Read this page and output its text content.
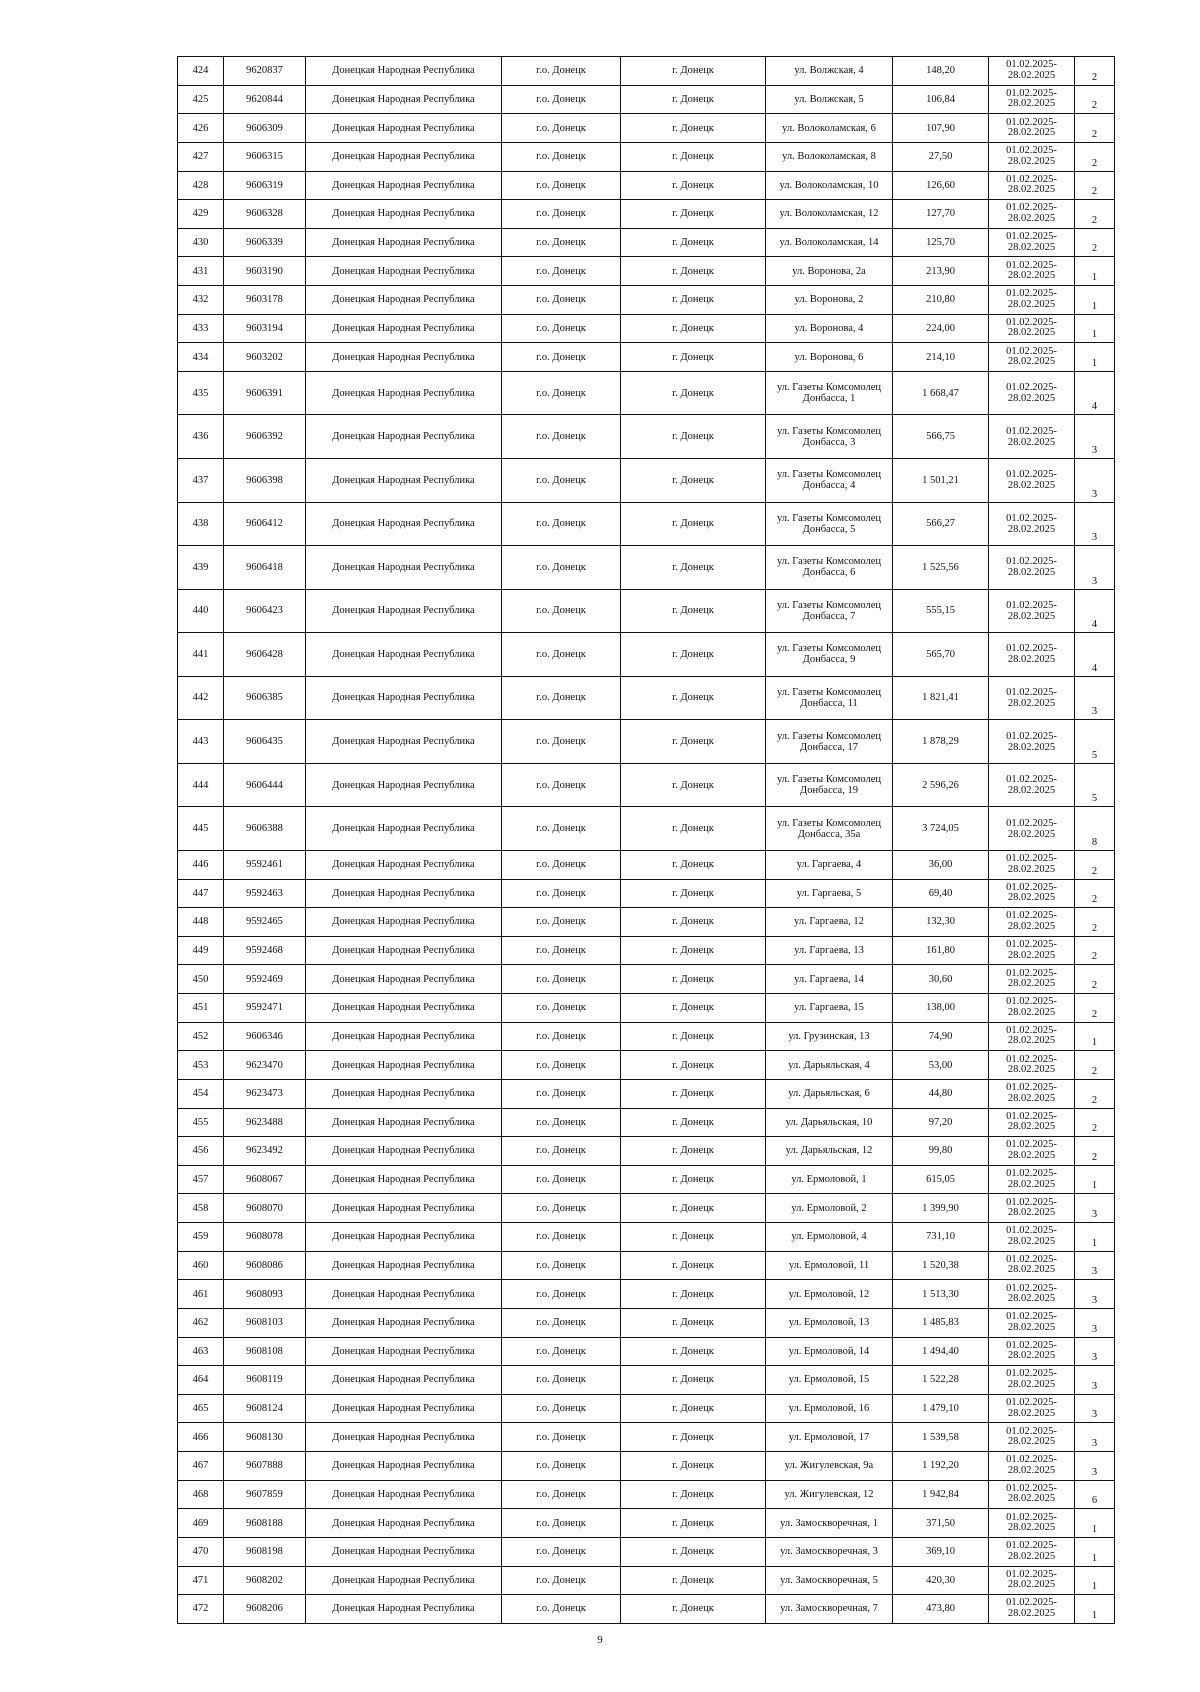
424	9620837	Донецкая Народная Республика	г.о. Донецк	г. Донецк	ул. Волжская, 4	148,20	01.02.2025-28.02.2025	2
425	9620844	Донецкая Народная Республика	г.о. Донецк	г. Донецк	ул. Волжская, 5	106,84	01.02.2025-28.02.2025	2
426	9606309	Донецкая Народная Республика	г.о. Донецк	г. Донецк	ул. Волоколамская, 6	107,90	01.02.2025-28.02.2025	2
427	9606315	Донецкая Народная Республика	г.о. Донецк	г. Донецк	ул. Волоколамская, 8	27,50	01.02.2025-28.02.2025	2
428	9606319	Донецкая Народная Республика	г.о. Донецк	г. Донецк	ул. Волоколамская, 10	126,60	01.02.2025-28.02.2025	2
429	9606328	Донецкая Народная Республика	г.о. Донецк	г. Донецк	ул. Волоколамская, 12	127,70	01.02.2025-28.02.2025	2
430	9606339	Донецкая Народная Республика	г.о. Донецк	г. Донецк	ул. Волоколамская, 14	125,70	01.02.2025-28.02.2025	2
431	9603190	Донецкая Народная Республика	г.о. Донецк	г. Донецк	ул. Воронова, 2а	213,90	01.02.2025-28.02.2025	1
432	9603178	Донецкая Народная Республика	г.о. Донецк	г. Донецк	ул. Воронова, 2	210,80	01.02.2025-28.02.2025	1
433	9603194	Донецкая Народная Республика	г.о. Донецк	г. Донецк	ул. Воронова, 4	224,00	01.02.2025-28.02.2025	1
434	9603202	Донецкая Народная Республика	г.о. Донецк	г. Донецк	ул. Воронова, 6	214,10	01.02.2025-28.02.2025	1
435	9606391	Донецкая Народная Республика	г.о. Донецк	г. Донецк	ул. Газеты Комсомолец Донбасса, 1	1 668,47	01.02.2025-28.02.2025	4
436	9606392	Донецкая Народная Республика	г.о. Донецк	г. Донецк	ул. Газеты Комсомолец Донбасса, 3	566,75	01.02.2025-28.02.2025	3
437	9606398	Донецкая Народная Республика	г.о. Донецк	г. Донецк	ул. Газеты Комсомолец Донбасса, 4	1 501,21	01.02.2025-28.02.2025	3
438	9606412	Донецкая Народная Республика	г.о. Донецк	г. Донецк	ул. Газеты Комсомолец Донбасса, 5	566,27	01.02.2025-28.02.2025	3
439	9606418	Донецкая Народная Республика	г.о. Донецк	г. Донецк	ул. Газеты Комсомолец Донбасса, 6	1 525,56	01.02.2025-28.02.2025	3
440	9606423	Донецкая Народная Республика	г.о. Донецк	г. Донецк	ул. Газеты Комсомолец Донбасса, 7	555,15	01.02.2025-28.02.2025	4
441	9606428	Донецкая Народная Республика	г.о. Донецк	г. Донецк	ул. Газеты Комсомолец Донбасса, 9	565,70	01.02.2025-28.02.2025	4
442	9606385	Донецкая Народная Республика	г.о. Донецк	г. Донецк	ул. Газеты Комсомолец Донбасса, 11	1 821,41	01.02.2025-28.02.2025	3
443	9606435	Донецкая Народная Республика	г.о. Донецк	г. Донецк	ул. Газеты Комсомолец Донбасса, 17	1 878,29	01.02.2025-28.02.2025	5
444	9606444	Донецкая Народная Республика	г.о. Донецк	г. Донецк	ул. Газеты Комсомолец Донбасса, 19	2 596,26	01.02.2025-28.02.2025	5
445	9606388	Донецкая Народная Республика	г.о. Донецк	г. Донецк	ул. Газеты Комсомолец Донбасса, 35а	3 724,05	01.02.2025-28.02.2025	8
446	9592461	Донецкая Народная Республика	г.о. Донецк	г. Донецк	ул. Гаргаева, 4	36,00	01.02.2025-28.02.2025	2
447	9592463	Донецкая Народная Республика	г.о. Донецк	г. Донецк	ул. Гаргаева, 5	69,40	01.02.2025-28.02.2025	2
448	9592465	Донецкая Народная Республика	г.о. Донецк	г. Донецк	ул. Гаргаева, 12	132,30	01.02.2025-28.02.2025	2
449	9592468	Донецкая Народная Республика	г.о. Донецк	г. Донецк	ул. Гаргаева, 13	161,80	01.02.2025-28.02.2025	2
450	9592469	Донецкая Народная Республика	г.о. Донецк	г. Донецк	ул. Гаргаева, 14	30,60	01.02.2025-28.02.2025	2
451	9592471	Донецкая Народная Республика	г.о. Донецк	г. Донецк	ул. Гаргаева, 15	138,00	01.02.2025-28.02.2025	2
452	9606346	Донецкая Народная Республика	г.о. Донецк	г. Донецк	ул. Грузинская, 13	74,90	01.02.2025-28.02.2025	1
453	9623470	Донецкая Народная Республика	г.о. Донецк	г. Донецк	ул. Дарьяльская, 4	53,00	01.02.2025-28.02.2025	2
454	9623473	Донецкая Народная Республика	г.о. Донецк	г. Донецк	ул. Дарьяльская, 6	44,80	01.02.2025-28.02.2025	2
455	9623488	Донецкая Народная Республика	г.о. Донецк	г. Донецк	ул. Дарьяльская, 10	97,20	01.02.2025-28.02.2025	2
456	9623492	Донецкая Народная Республика	г.о. Донецк	г. Донецк	ул. Дарьяльская, 12	99,80	01.02.2025-28.02.2025	2
457	9608067	Донецкая Народная Республика	г.о. Донецк	г. Донецк	ул. Ермоловой, 1	615,05	01.02.2025-28.02.2025	1
458	9608070	Донецкая Народная Республика	г.о. Донецк	г. Донецк	ул. Ермоловой, 2	1 399,90	01.02.2025-28.02.2025	3
459	9608078	Донецкая Народная Республика	г.о. Донецк	г. Донецк	ул. Ермоловой, 4	731,10	01.02.2025-28.02.2025	1
460	9608086	Донецкая Народная Республика	г.о. Донецк	г. Донецк	ул. Ермоловой, 11	1 520,38	01.02.2025-28.02.2025	3
461	9608093	Донецкая Народная Республика	г.о. Донецк	г. Донецк	ул. Ермоловой, 12	1 513,30	01.02.2025-28.02.2025	3
462	9608103	Донецкая Народная Республика	г.о. Донецк	г. Донецк	ул. Ермоловой, 13	1 485,83	01.02.2025-28.02.2025	3
463	9608108	Донецкая Народная Республика	г.о. Донецк	г. Донецк	ул. Ермоловой, 14	1 494,40	01.02.2025-28.02.2025	3
464	9608119	Донецкая Народная Республика	г.о. Донецк	г. Донецк	ул. Ермоловой, 15	1 522,28	01.02.2025-28.02.2025	3
465	9608124	Донецкая Народная Республика	г.о. Донецк	г. Донецк	ул. Ермоловой, 16	1 479,10	01.02.2025-28.02.2025	3
466	9608130	Донецкая Народная Республика	г.о. Донецк	г. Донецк	ул. Ермоловой, 17	1 539,58	01.02.2025-28.02.2025	3
467	9607888	Донецкая Народная Республика	г.о. Донецк	г. Донецк	ул. Жигулевская, 9а	1 192,20	01.02.2025-28.02.2025	3
468	9607859	Донецкая Народная Республика	г.о. Донецк	г. Донецк	ул. Жигулевская, 12	1 942,84	01.02.2025-28.02.2025	6
469	9608188	Донецкая Народная Республика	г.о. Донецк	г. Донецк	ул. Замоскворечная, 1	371,50	01.02.2025-28.02.2025	1
470	9608198	Донецкая Народная Республика	г.о. Донецк	г. Донецк	ул. Замоскворечная, 3	369,10	01.02.2025-28.02.2025	1
471	9608202	Донецкая Народная Республика	г.о. Донецк	г. Донецк	ул. Замоскворечная, 5	420,30	01.02.2025-28.02.2025	1
472	9608206	Донецкая Народная Республика	г.о. Донецк	г. Донецк	ул. Замоскворечная, 7	473,80	01.02.2025-28.02.2025	1
9
